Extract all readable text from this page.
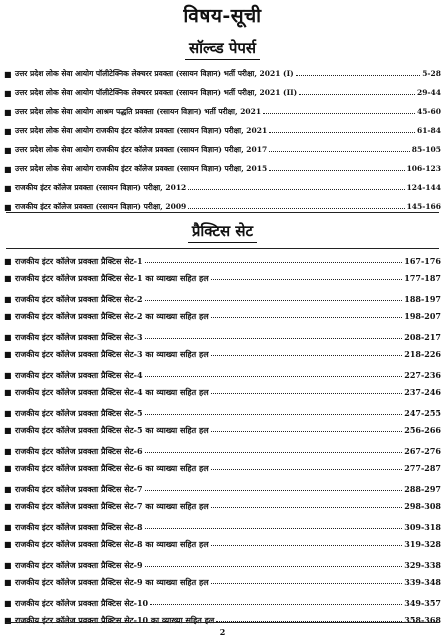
विषय-सूची
सॉल्व्ड पेपर्स
■ उत्तर प्रदेश लोक सेवा आयोग पॉलीटेक्निक लेक्चरर प्रवक्ता (रसायन विज्ञान) भर्ती परीक्षा, 2021 (I)	5-28
■ उत्तर प्रदेश लोक सेवा आयोग पॉलीटेक्निक लेक्चरर प्रवक्ता (रसायन विज्ञान) भर्ती परीक्षा, 2021 (II)	29-44
■ उत्तर प्रदेश लोक सेवा आयोग आश्रम पद्धति प्रवक्ता (रसायन विज्ञान) भर्ती परीक्षा, 2021	45-60
■ उत्तर प्रदेश लोक सेवा आयोग राजकीय इंटर कॉलेज प्रवक्ता (रसायन विज्ञान) परीक्षा, 2021	61-84
■ उत्तर प्रदेश लोक सेवा आयोग राजकीय इंटर कॉलेज प्रवक्ता (रसायन विज्ञान) परीक्षा, 2017	85-105
■ उत्तर प्रदेश लोक सेवा आयोग राजकीय इंटर कॉलेज प्रवक्ता (रसायन विज्ञान) परीक्षा, 2015	106-123
■ राजकीय इंटर कॉलेज प्रवक्ता (रसायन विज्ञान) परीक्षा, 2012	124-144
■ राजकीय इंटर कॉलेज प्रवक्ता (रसायन विज्ञान) परीक्षा, 2009	145-166
प्रैक्टिस सेट
■ राजकीय इंटर कॉलेज प्रवक्ता प्रैक्टिस सेट-1	167-176
■ राजकीय इंटर कॉलेज प्रवक्ता प्रैक्टिस सेट-1 का व्याख्या सहित हल	177-187
■ राजकीय इंटर कॉलेज प्रवक्ता प्रैक्टिस सेट-2	188-197
■ राजकीय इंटर कॉलेज प्रवक्ता प्रैक्टिस सेट-2 का व्याख्या सहित हल	198-207
■ राजकीय इंटर कॉलेज प्रवक्ता प्रैक्टिस सेट-3	208-217
■ राजकीय इंटर कॉलेज प्रवक्ता प्रैक्टिस सेट-3 का व्याख्या सहित हल	218-226
■ राजकीय इंटर कॉलेज प्रवक्ता प्रैक्टिस सेट-4	227-236
■ राजकीय इंटर कॉलेज प्रवक्ता प्रैक्टिस सेट-4 का व्याख्या सहित हल	237-246
■ राजकीय इंटर कॉलेज प्रवक्ता प्रैक्टिस सेट-5	247-255
■ राजकीय इंटर कॉलेज प्रवक्ता प्रैक्टिस सेट-5 का व्याख्या सहित हल	256-266
■ राजकीय इंटर कॉलेज प्रवक्ता प्रैक्टिस सेट-6	267-276
■ राजकीय इंटर कॉलेज प्रवक्ता प्रैक्टिस सेट-6 का व्याख्या सहित हल	277-287
■ राजकीय इंटर कॉलेज प्रवक्ता प्रैक्टिस सेट-7	288-297
■ राजकीय इंटर कॉलेज प्रवक्ता प्रैक्टिस सेट-7 का व्याख्या सहित हल	298-308
■ राजकीय इंटर कॉलेज प्रवक्ता प्रैक्टिस सेट-8	309-318
■ राजकीय इंटर कॉलेज प्रवक्ता प्रैक्टिस सेट-8 का व्याख्या सहित हल	319-328
■ राजकीय इंटर कॉलेज प्रवक्ता प्रैक्टिस सेट-9	329-338
■ राजकीय इंटर कॉलेज प्रवक्ता प्रैक्टिस सेट-9 का व्याख्या सहित हल	339-348
■ राजकीय इंटर कॉलेज प्रवक्ता प्रैक्टिस सेट-10	349-357
■ राजकीय इंटर कॉलेज प्रवक्ता प्रैक्टिस सेट-10 का व्याख्या सहित हल	358-368
2
